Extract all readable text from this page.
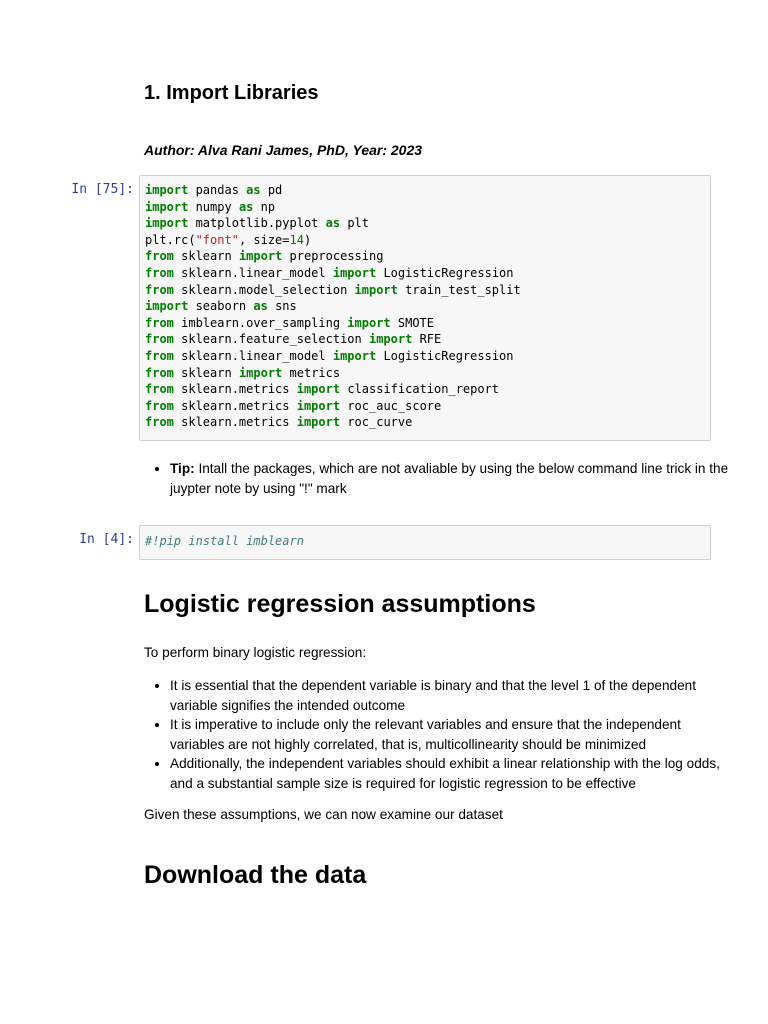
1. Import Libraries
Author: Alva Rani James, PhD, Year: 2023
In [75]: import pandas as pd
import numpy as np
import matplotlib.pyplot as plt
plt.rc("font", size=14)
from sklearn import preprocessing
from sklearn.linear_model import LogisticRegression
from sklearn.model_selection import train_test_split
import seaborn as sns
from imblearn.over_sampling import SMOTE
from sklearn.feature_selection import RFE
from sklearn.linear_model import LogisticRegression
from sklearn import metrics
from sklearn.metrics import classification_report
from sklearn.metrics import roc_auc_score
from sklearn.metrics import roc_curve
• Tip: Intall the packages, which are not avaliable by using the below command line trick in the juypter note by using "!" mark
In [4]: #!pip install imblearn
Logistic regression assumptions

To perform binary logistic regression:

• It is essential that the dependent variable is binary and that the level 1 of the dependent variable signifies the intended outcome
• It is imperative to include only the relevant variables and ensure that the independent variables are not highly correlated, that is, multicollinearity should be minimized
• Additionally, the independent variables should exhibit a linear relationship with the log odds, and a substantial sample size is required for logistic regression to be effective

Given these assumptions, we can now examine our dataset

Download the data
